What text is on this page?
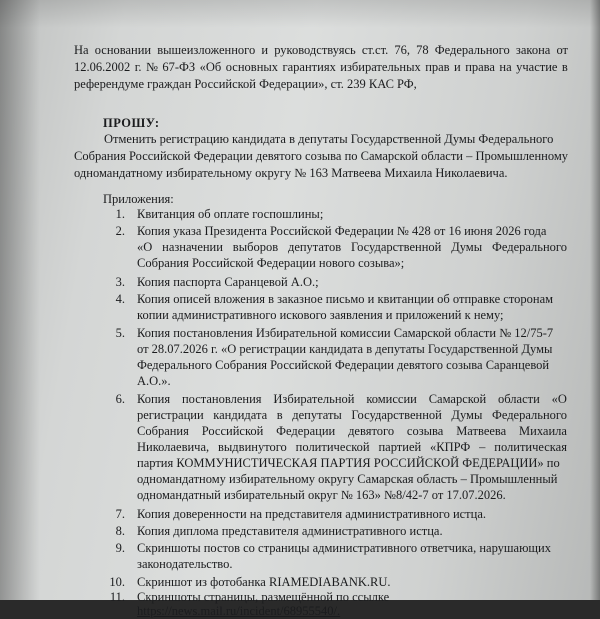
На основании вышеизложенного и руководствуясь ст.ст. 76, 78 Федерального закона от
12.06.2002 г. № 67-ФЗ «Об основных гарантиях избирательных прав и права на участие в
референдуме граждан Российской Федерации», ст. 239 КАС РФ,
ПРОШУ:
Отменить регистрацию кандидата в депутаты Государственной Думы Федерального
Собрания Российской Федерации девятого созыва по Самарской области – Промышленному
одномандатному избирательному округу № 163 Матвеева Михаила Николаевича.
Приложения:
1. Квитанция об оплате госпошлины;
2. Копия указа Президента Российской Федерации № 428 от 16 июня 2026 года
«О назначении выборов депутатов Государственной Думы Федерального
Собрания Российской Федерации нового созыва»;
3. Копия паспорта Саранцевой А.О.;
4. Копия описей вложения в заказное письмо и квитанции об отправке сторонам
копии административного искового заявления и приложений к нему;
5. Копия постановления Избирательной комиссии Самарской области № 12/75-7
от 28.07.2026 г. «О регистрации кандидата в депутаты Государственной Думы
Федерального Собрания Российской Федерации девятого созыва Саранцевой
А.О.».
6. Копия постановления Избирательной комиссии Самарской области «О
регистрации кандидата в депутаты Государственной Думы Федерального
Собрания Российской Федерации девятого созыва Матвеева Михаила
Николаевича, выдвинутого политической партией «КПРФ – политическая
партия КОММУНИСТИЧЕСКАЯ ПАРТИЯ РОССИЙСКОЙ ФЕДЕРАЦИИ» по
одномандатному избирательному округу Самарская область – Промышленный
одномандатный избирательный округ № 163» №8/42-7 от 17.07.2026.
7. Копия доверенности на представителя административного истца.
8. Копия диплома представителя административного истца.
9. Скриншоты постов со страницы административного ответчика, нарушающих
законодательство.
10. Скриншот из фотобанка RIAMEDIABANK.RU.
11. Скриншоты страницы, размещённой по ссылке
https://news.mail.ru/incident/68955540/.
